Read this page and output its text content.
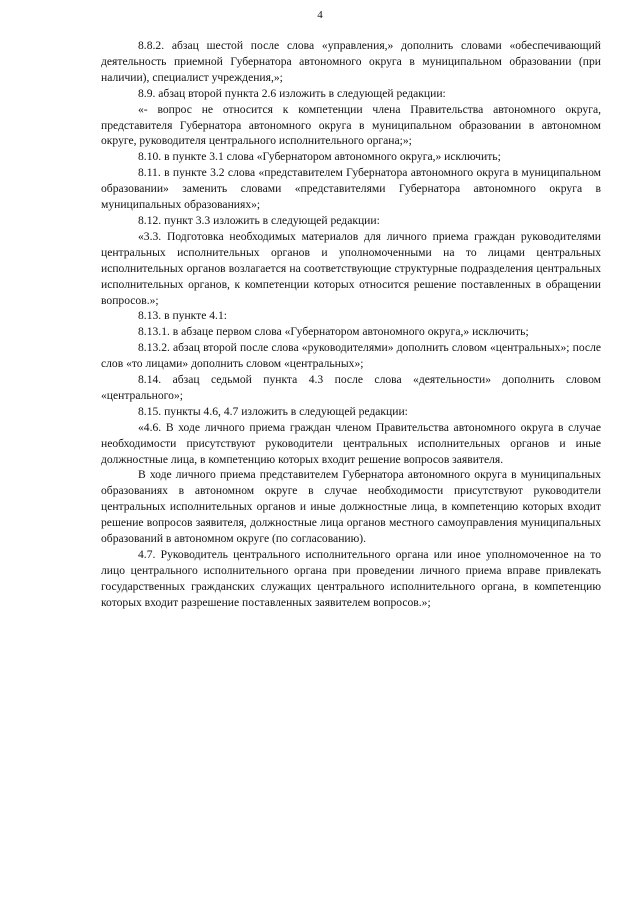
4

8.8.2. абзац шестой после слова «управления,» дополнить словами «обеспечивающий деятельность приемной Губернатора автономного округа в муниципальном образовании (при наличии), специалист учреждения,»;

8.9. абзац второй пункта 2.6 изложить в следующей редакции:

«- вопрос не относится к компетенции члена Правительства автономного округа, представителя Губернатора автономного округа в муниципальном образовании в автономном округе, руководителя центрального исполнительного органа;»;

8.10. в пункте 3.1 слова «Губернатором автономного округа,» исключить;

8.11. в пункте 3.2 слова «представителем Губернатора автономного округа в муниципальном образовании» заменить словами «представителями Губернатора автономного округа в муниципальных образованиях»;

8.12. пункт 3.3 изложить в следующей редакции:

«3.3. Подготовка необходимых материалов для личного приема граждан руководителями центральных исполнительных органов и уполномоченными на то лицами центральных исполнительных органов возлагается на соответствующие структурные подразделения центральных исполнительных органов, к компетенции которых относится решение поставленных в обращении вопросов.»;

8.13. в пункте 4.1:

8.13.1. в абзаце первом слова «Губернатором автономного округа,» исключить;

8.13.2. абзац второй после слова «руководителями» дополнить словом «центральных»; после слов «то лицами» дополнить словом «центральных»;

8.14. абзац седьмой пункта 4.3 после слова «деятельности» дополнить словом «центрального»;

8.15. пункты 4.6, 4.7 изложить в следующей редакции:

«4.6. В ходе личного приема граждан членом Правительства автономного округа в случае необходимости присутствуют руководители центральных исполнительных органов и иные должностные лица, в компетенцию которых входит решение вопросов заявителя.

В ходе личного приема представителем Губернатора автономного округа в муниципальных образованиях в автономном округе в случае необходимости присутствуют руководители центральных исполнительных органов и иные должностные лица, в компетенцию которых входит решение вопросов заявителя, должностные лица органов местного самоуправления муниципальных образований в автономном округе (по согласованию).

4.7. Руководитель центрального исполнительного органа или иное уполномоченное на то лицо центрального исполнительного органа при проведении личного приема вправе привлекать государственных гражданских служащих центрального исполнительного органа, в компетенцию которых входит разрешение поставленных заявителем вопросов.»;
